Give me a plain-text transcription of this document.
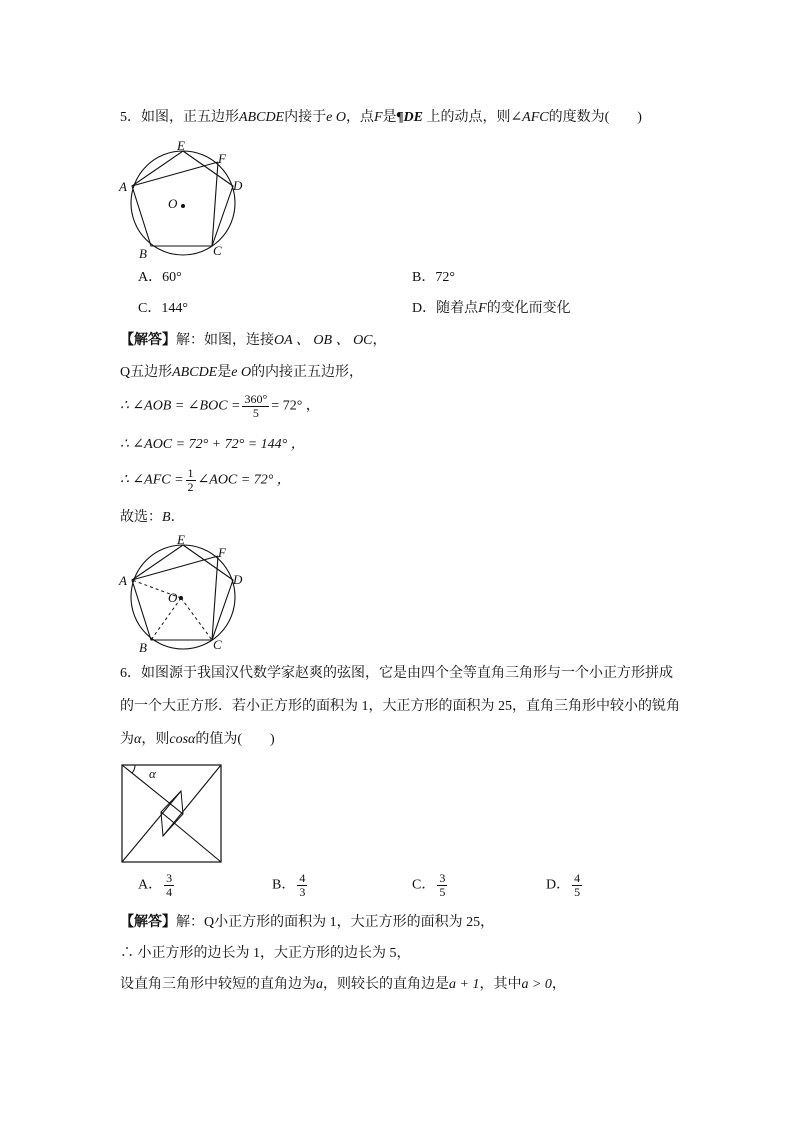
5．如图，正五边形ABCDE内接于e O，点F是¶DE 上的动点，则∠AFC的度数为(　　)
E
F
D
A
O
B	C
A．60°	B．72°
C．144°	D．随着点F的变化而变化
【解答】解：如图，连接OA 、 OB 、 OC，
Q五边形ABCDE是e O的内接正五边形，
∴ ∠AOB = ∠BOC = $\frac{360^\circ}{5} = 72^\circ$ ，
∴ ∠AOC = 72° + 72° = 144° ，
∴ ∠AFC = $\frac{1}{2}$ ∠AOC = 72° ，
故选：B．
E
F
D
A
O
B	C
6．如图源于我国汉代数学家赵爽的弦图，它是由四个全等直角三角形与一个小正方形拼成
的一个大正方形．若小正方形的面积为 1，大正方形的面积为 25，直角三角形中较小的锐角
为α，则cosα的值为(　　)
α
A． $\frac{3}{4}$	B． $\frac{4}{3}$	C． $\frac{3}{5}$	D． $\frac{4}{5}$
【解答】解：Q小正方形的面积为 1，大正方形的面积为 25，
∴ 小正方形的边长为 1，大正方形的边长为 5，
设直角三角形中较短的直角边为a，则较长的直角边是a + 1，其中a > 0，
